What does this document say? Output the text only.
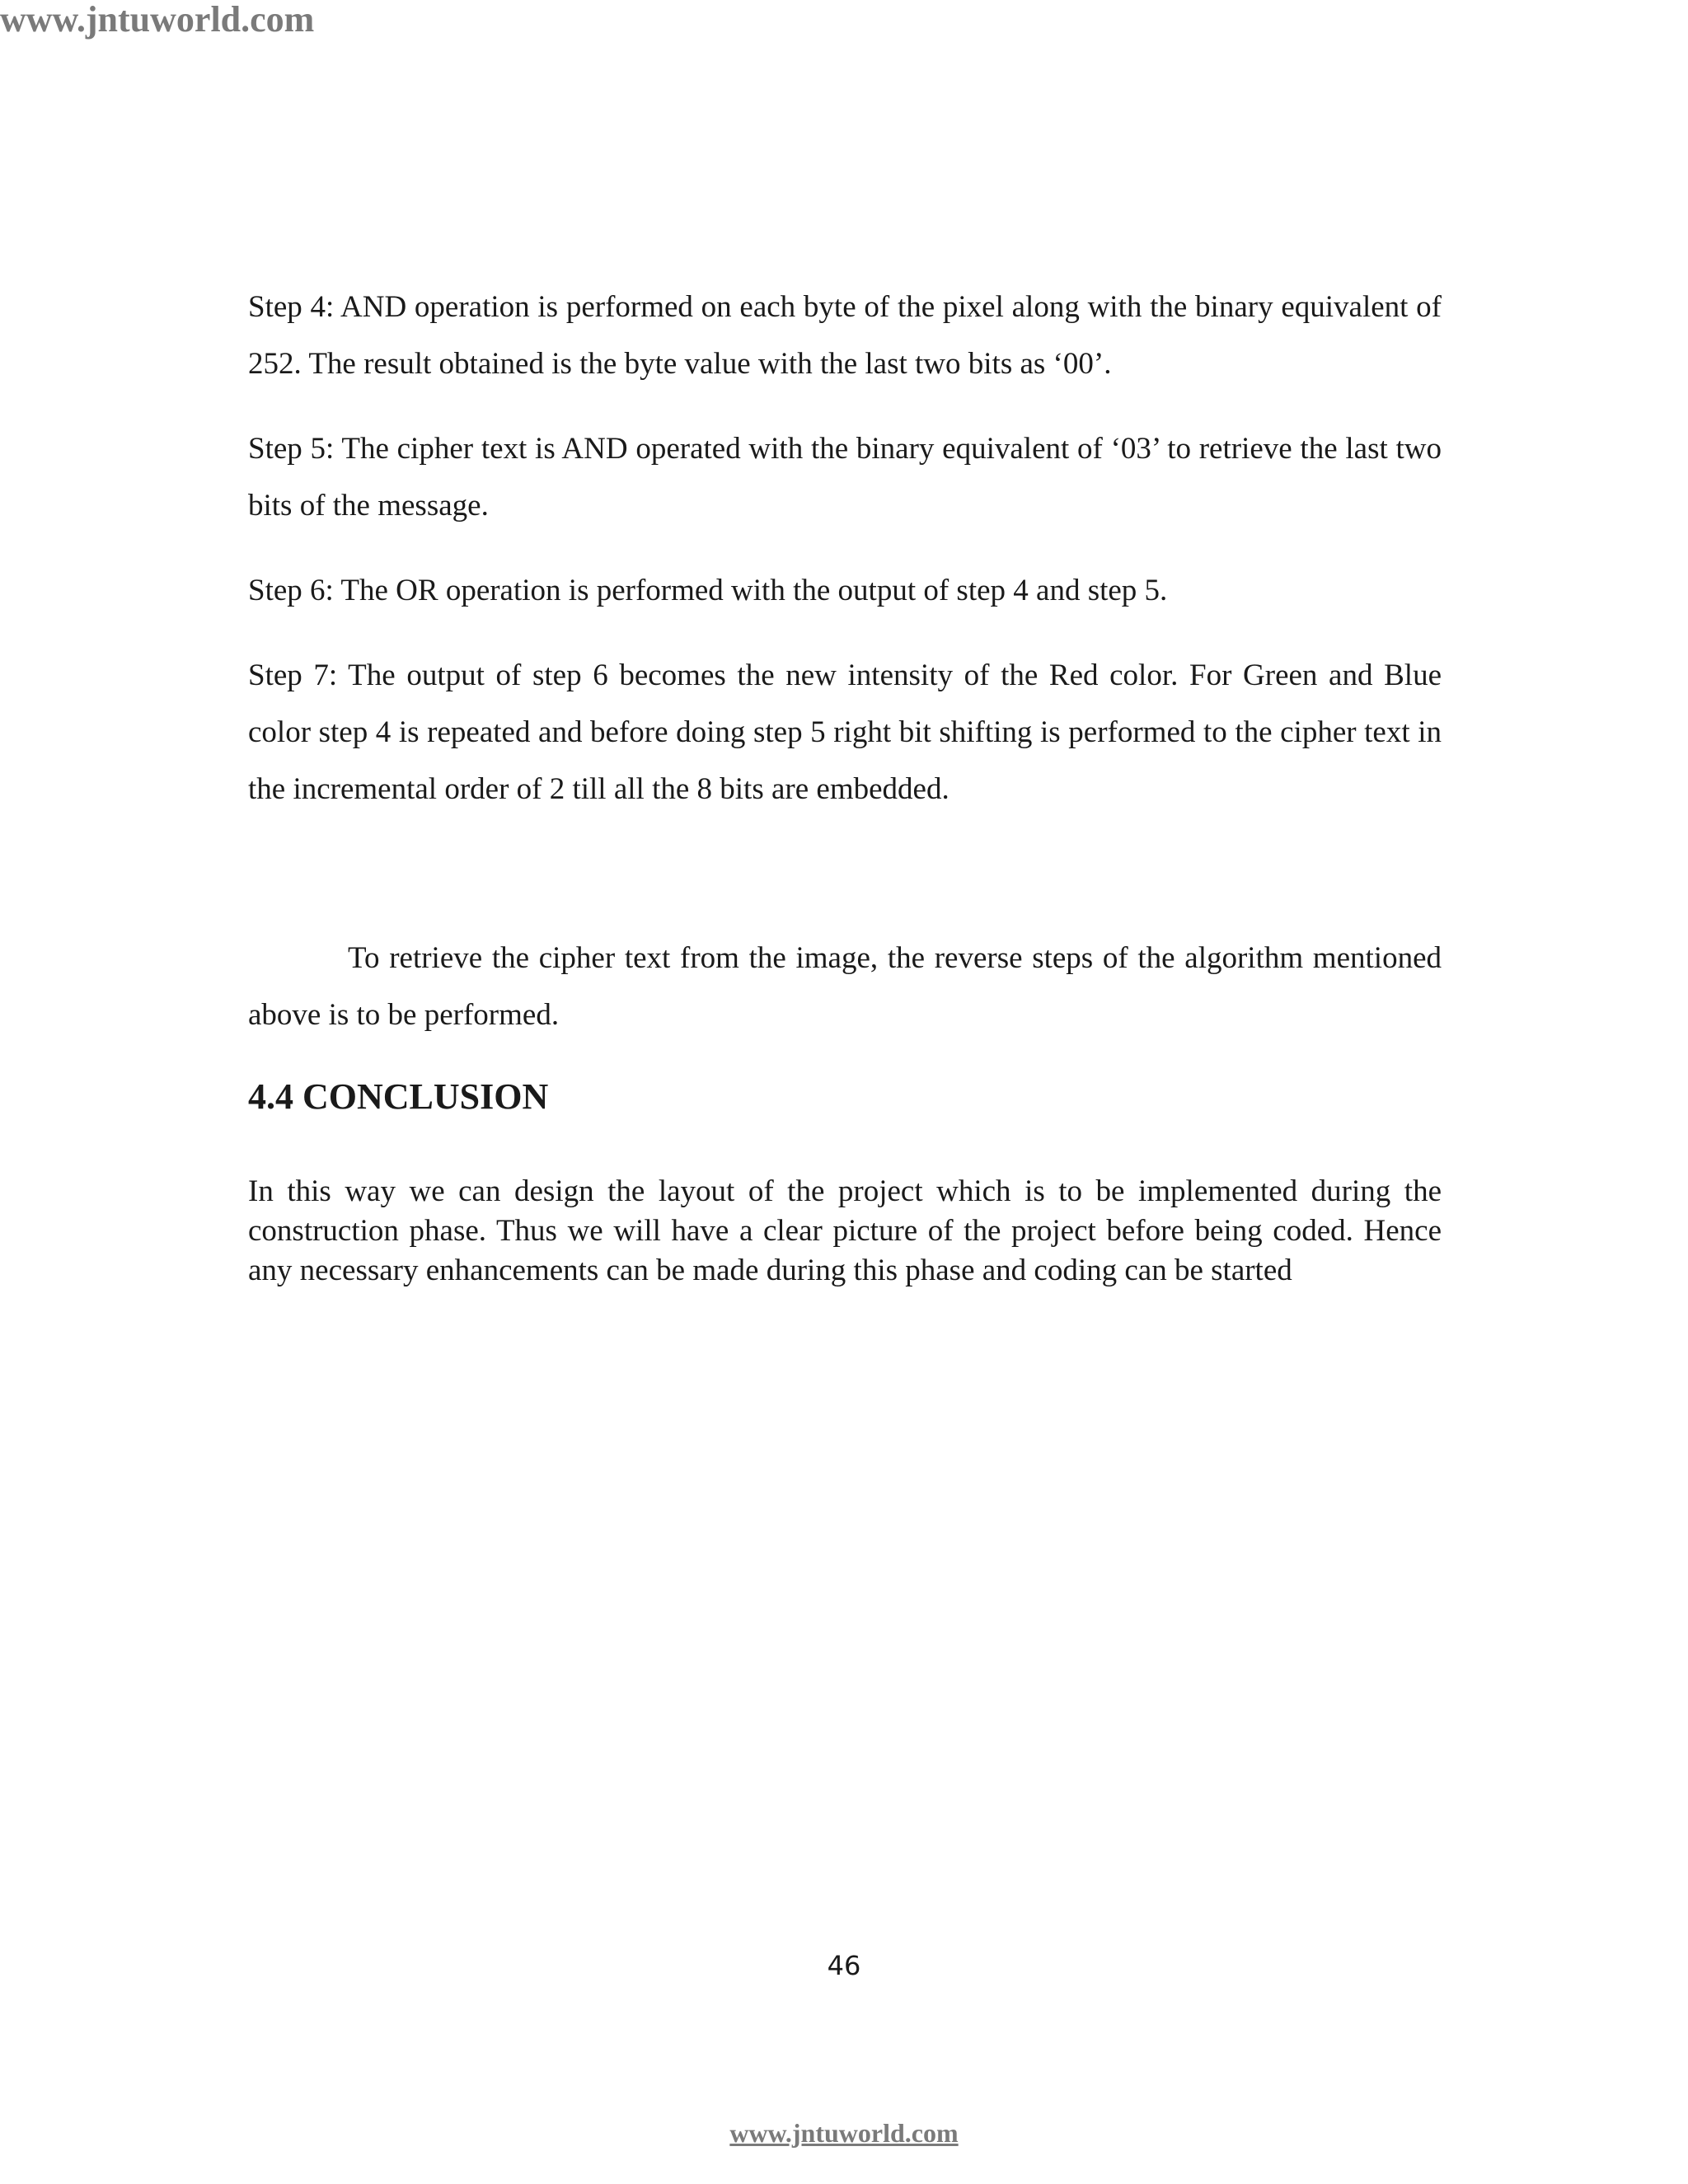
www.jntuworld.com

Step 4: AND operation is performed on each byte of the pixel along with the binary equivalent of 252. The result obtained is the byte value with the last two bits as ‘00’.

Step 5: The cipher text is AND operated with the binary equivalent of ‘03’ to retrieve the last two bits of the message.

Step 6: The OR operation is performed with the output of step 4 and step 5.

Step 7: The output of step 6 becomes the new intensity of the Red color. For Green and Blue color step 4 is repeated and before doing step 5 right bit shifting is performed to the cipher text in the incremental order of 2 till all the 8 bits are embedded.

To retrieve the cipher text from the image, the reverse steps of the algorithm mentioned above is to be performed.

4.4 CONCLUSION

In this way we can design the layout of the project which is to be implemented during the construction phase. Thus we will have a clear picture of the project before being coded. Hence any necessary enhancements can be made during this phase and coding can be started

46
www.jntuworld.com
